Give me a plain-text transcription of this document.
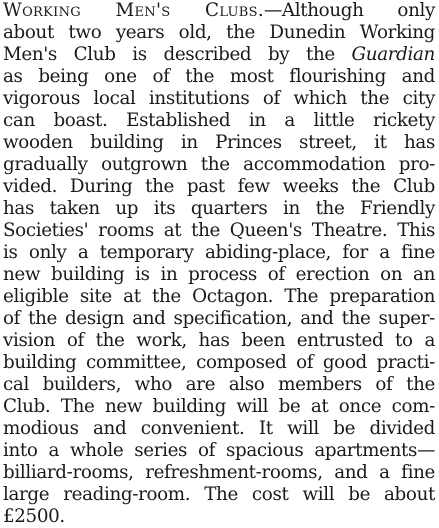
Working Men's Clubs.—Although only
about two years old, the Dunedin Working
Men's Club is described by the Guardian
as being one of the most flourishing and
vigorous local institutions of which the city
can boast. Established in a little rickety
wooden building in Princes street, it has
gradually outgrown the accommodation pro-
vided. During the past few weeks the Club
has taken up its quarters in the Friendly
Societies' rooms at the Queen's Theatre. This
is only a temporary abiding-place, for a fine
new building is in process of erection on an
eligible site at the Octagon. The preparation
of the design and specification, and the super-
vision of the work, has been entrusted to a
building committee, composed of good practi-
cal builders, who are also members of the
Club. The new building will be at once com-
modious and convenient. It will be divided
into a whole series of spacious apartments—
billiard-rooms, refreshment-rooms, and a fine
large reading-room. The cost will be about
£2500.
